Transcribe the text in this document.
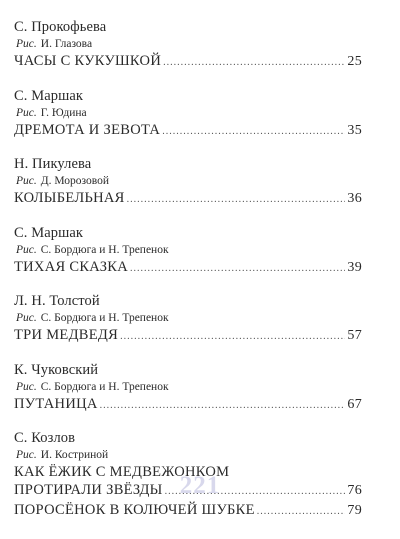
С. Прокофьева
Рис. И. Глазова
ЧАСЫ С КУКУШКОЙ .....	25
С. Маршак
Рис. Г. Юдина
ДРЕМОТА И ЗЕВОТА .....	35
Н. Пикулева
Рис. Д. Морозовой
КОЛЫБЕЛЬНАЯ .....	36
С. Маршак
Рис. С. Бордюга и Н. Трепенок
ТИХАЯ СКАЗКА .....	39
Л. Н. Толстой
Рис. С. Бордюга и Н. Трепенок
ТРИ МЕДВЕДЯ .....	57
К. Чуковский
Рис. С. Бордюга и Н. Трепенок
ПУТАНИЦА .....	67
С. Козлов
Рис. И. Костриной
КАК ЁЖИК С МЕДВЕЖОНКОМ
ПРОТИРАЛИ ЗВЁЗДЫ .....	76
ПОРОСЁНОК В КОЛЮЧЕЙ ШУБКЕ .....	79
221
